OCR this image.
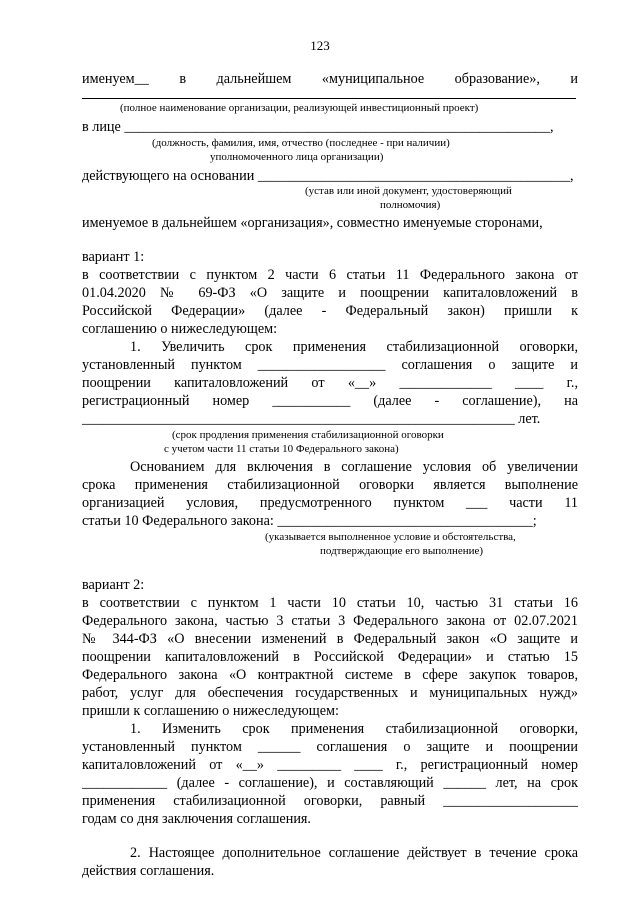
123
именуем__ в дальнейшем «муниципальное образование», и
(полное наименование организации, реализующей инвестиционный проект)
в лице ____________________________________________________________,
(должность, фамилия, имя, отчество (последнее - при наличии)
уполномоченного лица организации)
действующего на основании ____________________________________________,
(устав или иной документ, удостоверяющий
полномочия)
именуемое в дальнейшем «организация», совместно именуемые сторонами,
вариант 1:
в соответствии с пунктом 2 части 6 статьи 11 Федерального закона от
01.04.2020 № 69-ФЗ «О защите и поощрении капиталовложений в
Российской Федерации» (далее - Федеральный закон) пришли к
соглашению о нижеследующем:
1. Увеличить срок применения стабилизационной оговорки,
установленный пунктом __________________ соглашения о защите и
поощрении капиталовложений от «__» _____________ ____ г.,
регистрационный номер ___________ (далее - соглашение), на
_____________________________________________________________ лет.
(срок продления применения стабилизационной оговорки
с учетом части 11 статьи 10 Федерального закона)
Основанием для включения в соглашение условия об увеличении
срока применения стабилизационной оговорки является выполнение
организацией условия, предусмотренного пунктом ___ части 11
статьи 10 Федерального закона: ____________________________________;
(указывается выполненное условие и обстоятельства,
подтверждающие его выполнение)
вариант 2:
в соответствии с пунктом 1 части 10 статьи 10, частью 31 статьи 16
Федерального закона, частью 3 статьи 3 Федерального закона от 02.07.2021
№ 344-ФЗ «О внесении изменений в Федеральный закон «О защите и
поощрении капиталовложений в Российской Федерации» и статью 15
Федерального закона «О контрактной системе в сфере закупок товаров,
работ, услуг для обеспечения государственных и муниципальных нужд»
пришли к соглашению о нижеследующем:
1. Изменить срок применения стабилизационной оговорки,
установленный пунктом ______ соглашения о защите и поощрении
капиталовложений от «__» _________ ____ г., регистрационный номер
____________ (далее - соглашение), и составляющий ______ лет, на срок
применения стабилизационной оговорки, равный ___________________
годам со дня заключения соглашения.
2. Настоящее дополнительное соглашение действует в течение срока
действия соглашения.
